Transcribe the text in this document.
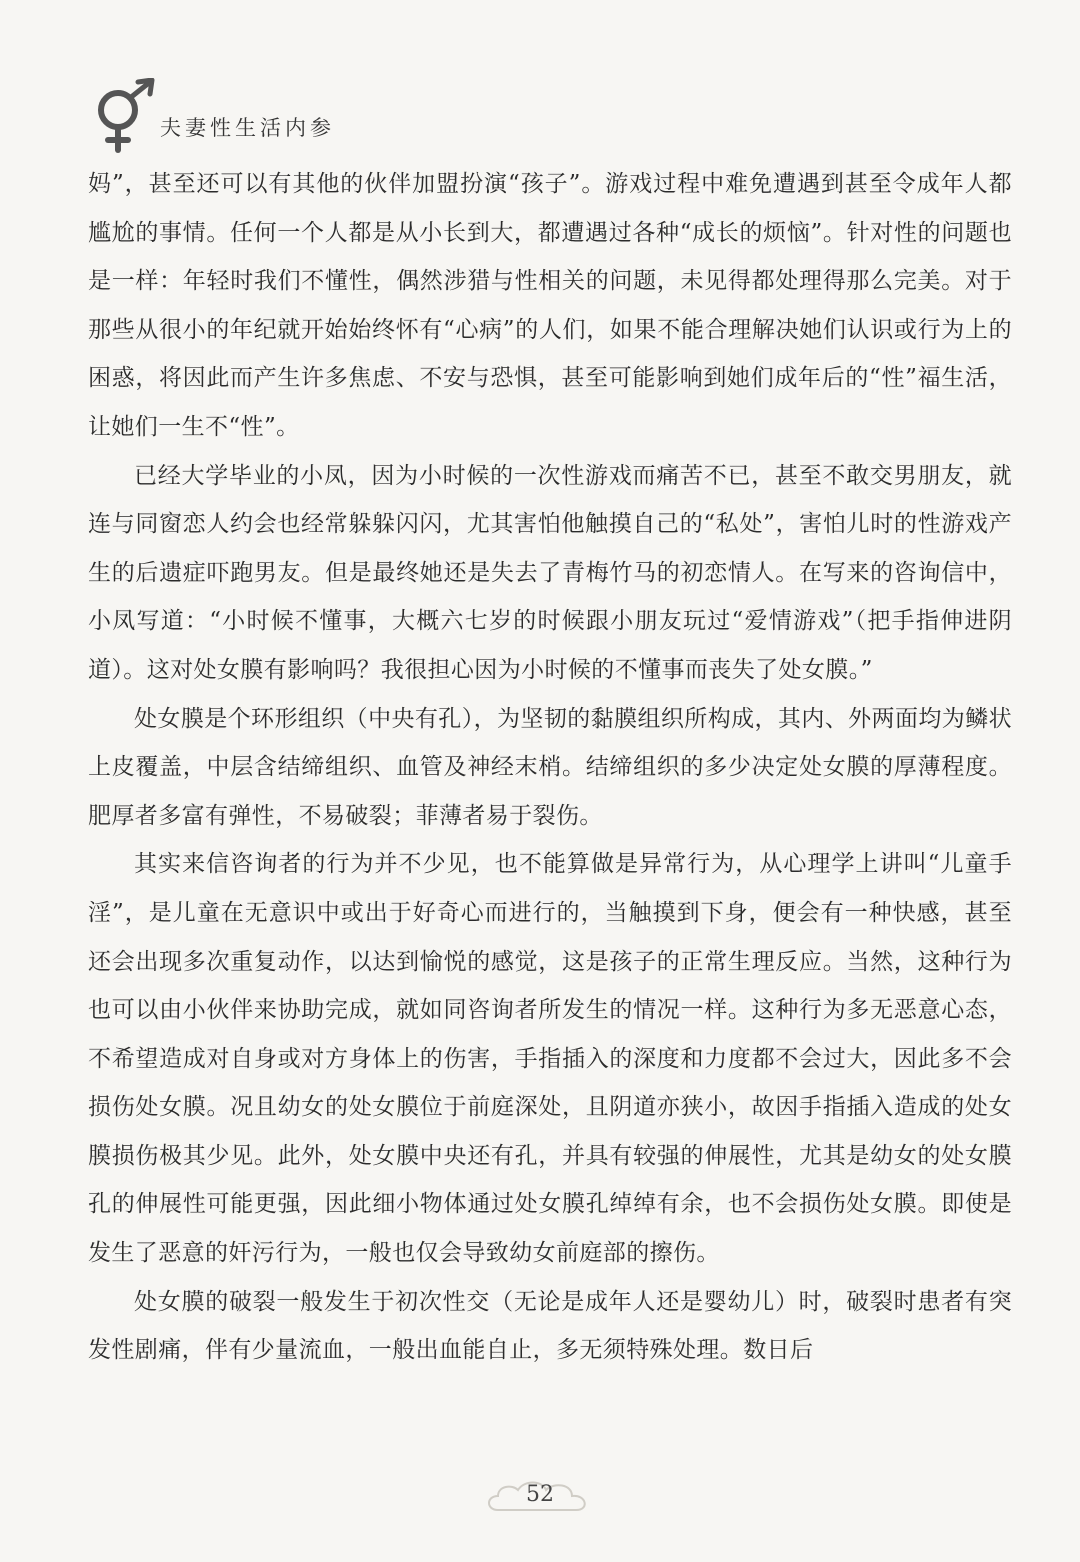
夫妻性生活内参

妈”，甚至还可以有其他的伙伴加盟扮演“孩子”。游戏过程中难免遭遇到甚至令成年人都尴尬的事情。任何一个人都是从小长到大，都遭遇过各种“成长的烦恼”。针对性的问题也是一样：年轻时我们不懂性，偶然涉猎与性相关的问题，未见得都处理得那么完美。对于那些从很小的年纪就开始始终怀有“心病”的人们，如果不能合理解决她们认识或行为上的困惑，将因此而产生许多焦虑、不安与恐惧，甚至可能影响到她们成年后的“性”福生活，让她们一生不“性”。

已经大学毕业的小凤，因为小时候的一次性游戏而痛苦不已，甚至不敢交男朋友，就连与同窗恋人约会也经常躲躲闪闪，尤其害怕他触摸自己的“私处”，害怕儿时的性游戏产生的后遗症吓跑男友。但是最终她还是失去了青梅竹马的初恋情人。在写来的咨询信中，小凤写道：“小时候不懂事，大概六七岁的时候跟小朋友玩过“爱情游戏”（把手指伸进阴道）。这对处女膜有影响吗？我很担心因为小时候的不懂事而丧失了处女膜。”

处女膜是个环形组织（中央有孔），为坚韧的黏膜组织所构成，其内、外两面均为鳞状上皮覆盖，中层含结缔组织、血管及神经末梢。结缔组织的多少决定处女膜的厚薄程度。肥厚者多富有弹性，不易破裂；菲薄者易于裂伤。

其实来信咨询者的行为并不少见，也不能算做是异常行为，从心理学上讲叫“儿童手淫”，是儿童在无意识中或出于好奇心而进行的，当触摸到下身，便会有一种快感，甚至还会出现多次重复动作，以达到愉悦的感觉，这是孩子的正常生理反应。当然，这种行为也可以由小伙伴来协助完成，就如同咨询者所发生的情况一样。这种行为多无恶意心态，不希望造成对自身或对方身体上的伤害，手指插入的深度和力度都不会过大，因此多不会损伤处女膜。况且幼女的处女膜位于前庭深处，且阴道亦狭小，故因手指插入造成的处女膜损伤极其少见。此外，处女膜中央还有孔，并具有较强的伸展性，尤其是幼女的处女膜孔的伸展性可能更强，因此细小物体通过处女膜孔绰绰有余，也不会损伤处女膜。即使是发生了恶意的奸污行为，一般也仅会导致幼女前庭部的擦伤。

处女膜的破裂一般发生于初次性交（无论是成年人还是婴幼儿）时，破裂时患者有突发性剧痛，伴有少量流血，一般出血能自止，多无须特殊处理。数日后

52
